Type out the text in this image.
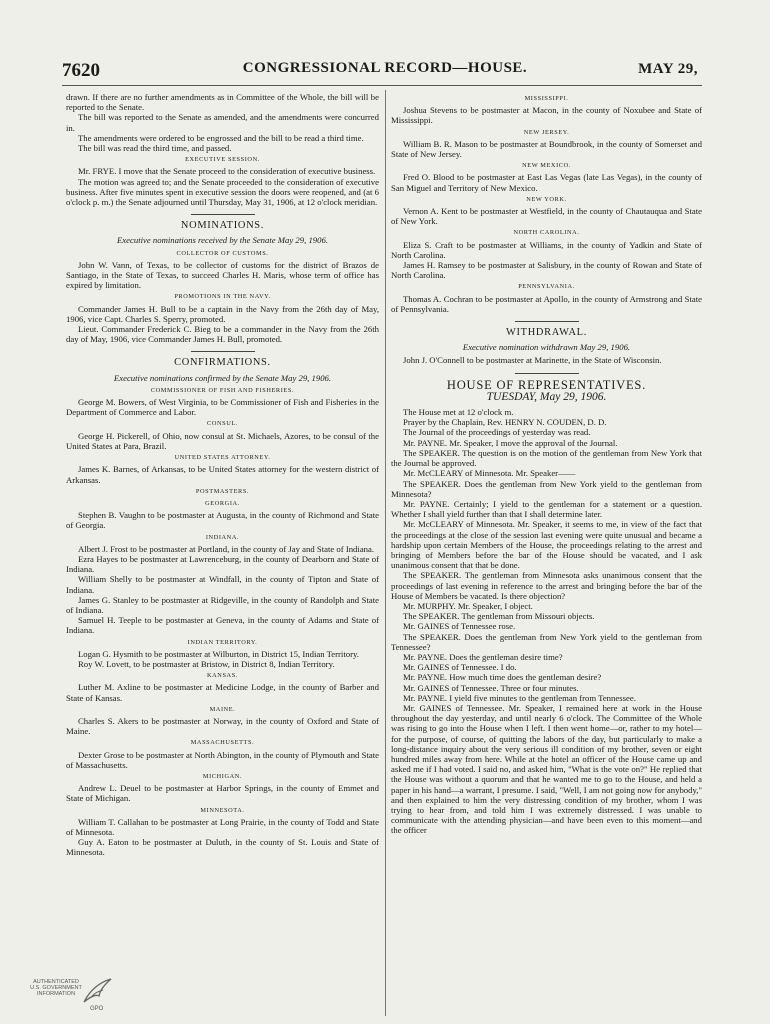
7620	CONGRESSIONAL RECORD—HOUSE.	MAY 29,

drawn. If there are no further amendments as in Committee of the Whole, the bill will be reported to the Senate.

The bill was reported to the Senate as amended, and the amendments were concurred in.

The amendments were ordered to be engrossed and the bill to be read a third time.

The bill was read the third time, and passed.

EXECUTIVE SESSION.

Mr. FRYE. I move that the Senate proceed to the consideration of executive business.

The motion was agreed to; and the Senate proceeded to the consideration of executive business. After five minutes spent in executive session the doors were reopened, and (at 6 o'clock p. m.) the Senate adjourned until Thursday, May 31, 1906, at 12 o'clock meridian.

NOMINATIONS.

Executive nominations received by the Senate May 29, 1906.

COLLECTOR OF CUSTOMS.

John W. Vann, of Texas, to be collector of customs for the district of Brazos de Santiago, in the State of Texas, to succeed Charles H. Maris, whose term of office has expired by limitation.

PROMOTIONS IN THE NAVY.

Commander James H. Bull to be a captain in the Navy from the 26th day of May, 1906, vice Capt. Charles S. Sperry, promoted.

Lieut. Commander Frederick C. Bieg to be a commander in the Navy from the 26th day of May, 1906, vice Commander James H. Bull, promoted.

CONFIRMATIONS.

Executive nominations confirmed by the Senate May 29, 1906.

COMMISSIONER OF FISH AND FISHERIES.

George M. Bowers, of West Virginia, to be Commissioner of Fish and Fisheries in the Department of Commerce and Labor.

CONSUL.

George H. Pickerell, of Ohio, now consul at St. Michaels, Azores, to be consul of the United States at Para, Brazil.

UNITED STATES ATTORNEY.

James K. Barnes, of Arkansas, to be United States attorney for the western district of Arkansas.

POSTMASTERS.
GEORGIA.

Stephen B. Vaughn to be postmaster at Augusta, in the county of Richmond and State of Georgia.

INDIANA.

Albert J. Frost to be postmaster at Portland, in the county of Jay and State of Indiana.

Ezra Hayes to be postmaster at Lawrenceburg, in the county of Dearborn and State of Indiana.

William Shelly to be postmaster at Windfall, in the county of Tipton and State of Indiana.

James G. Stanley to be postmaster at Ridgeville, in the county of Randolph and State of Indiana.

Samuel H. Teeple to be postmaster at Geneva, in the county of Adams and State of Indiana.

INDIAN TERRITORY.

Logan G. Hysmith to be postmaster at Wilburton, in District 15, Indian Territory.

Roy W. Lovett, to be postmaster at Bristow, in District 8, Indian Territory.

KANSAS.

Luther M. Axline to be postmaster at Medicine Lodge, in the county of Barber and State of Kansas.

MAINE.

Charles S. Akers to be postmaster at Norway, in the county of Oxford and State of Maine.

MASSACHUSETTS.

Dexter Grose to be postmaster at North Abington, in the county of Plymouth and State of Massachusetts.

MICHIGAN.

Andrew L. Deuel to be postmaster at Harbor Springs, in the county of Emmet and State of Michigan.

MINNESOTA.

William T. Callahan to be postmaster at Long Prairie, in the county of Todd and State of Minnesota.

Guy A. Eaton to be postmaster at Duluth, in the county of St. Louis and State of Minnesota.

MISSISSIPPI.

Joshua Stevens to be postmaster at Macon, in the county of Noxubee and State of Mississippi.

NEW JERSEY.

William B. R. Mason to be postmaster at Boundbrook, in the county of Somerset and State of New Jersey.

NEW MEXICO.

Fred O. Blood to be postmaster at East Las Vegas (late Las Vegas), in the county of San Miguel and Territory of New Mexico.

NEW YORK.

Vernon A. Kent to be postmaster at Westfield, in the county of Chautauqua and State of New York.

NORTH CAROLINA.

Eliza S. Craft to be postmaster at Williams, in the county of Yadkin and State of North Carolina.

James H. Ramsey to be postmaster at Salisbury, in the county of Rowan and State of North Carolina.

PENNSYLVANIA.

Thomas A. Cochran to be postmaster at Apollo, in the county of Armstrong and State of Pennsylvania.

WITHDRAWAL.

Executive nomination withdrawn May 29, 1906.

John J. O'Connell to be postmaster at Marinette, in the State of Wisconsin.

HOUSE OF REPRESENTATIVES.
TUESDAY, May 29, 1906.

The House met at 12 o'clock m.

Prayer by the Chaplain, Rev. HENRY N. COUDEN, D. D.

The Journal of the proceedings of yesterday was read.

Mr. PAYNE. Mr. Speaker, I move the approval of the Journal.

The SPEAKER. The question is on the motion of the gentleman from New York that the Journal be approved.

Mr. McCLEARY of Minnesota. Mr. Speaker——

The SPEAKER. Does the gentleman from New York yield to the gentleman from Minnesota?

Mr. PAYNE. Certainly; I yield to the gentleman for a statement or a question. Whether I shall yield further than that I shall determine later.

Mr. McCLEARY of Minnesota. Mr. Speaker, it seems to me, in view of the fact that the proceedings at the close of the session last evening were quite unusual and became a hardship upon certain Members of the House, the proceedings relating to the arrest and bringing of Members before the bar of the House should be vacated, and I ask unanimous consent that that be done.

The SPEAKER. The gentleman from Minnesota asks unanimous consent that the proceedings of last evening in reference to the arrest and bringing before the bar of the House of Members be vacated. Is there objection?

Mr. MURPHY. Mr. Speaker, I object.

The SPEAKER. The gentleman from Missouri objects.

Mr. GAINES of Tennessee rose.

The SPEAKER. Does the gentleman from New York yield to the gentleman from Tennessee?

Mr. PAYNE. Does the gentleman desire time?

Mr. GAINES of Tennessee. I do.

Mr. PAYNE. How much time does the gentleman desire?

Mr. GAINES of Tennessee. Three or four minutes.

Mr. PAYNE. I yield five minutes to the gentleman from Tennessee.

Mr. GAINES of Tennessee. Mr. Speaker, I remained here at work in the House throughout the day yesterday, and until nearly 6 o'clock. The Committee of the Whole was rising to go into the House when I left. I then went home—or, rather to my hotel—for the purpose, of course, of quitting the labors of the day, but particularly to make a long-distance inquiry about the very serious ill condition of my brother, seven or eight hundred miles away from here. While at the hotel an officer of the House came up and asked me if I had voted. I said no, and asked him, "What is the vote on?" He replied that the House was without a quorum and that he wanted me to go to the House, and held a paper in his hand—a warrant, I presume. I said, "Well, I am not going now for anybody," and then explained to him the very distressing condition of my brother, whom I was trying to hear from, and told him I was extremely distressed. I was unable to communicate with the attending physician—and have been even to this moment—and the officer

AUTHENTICATED
U.S. GOVERNMENT
INFORMATION
GPO
